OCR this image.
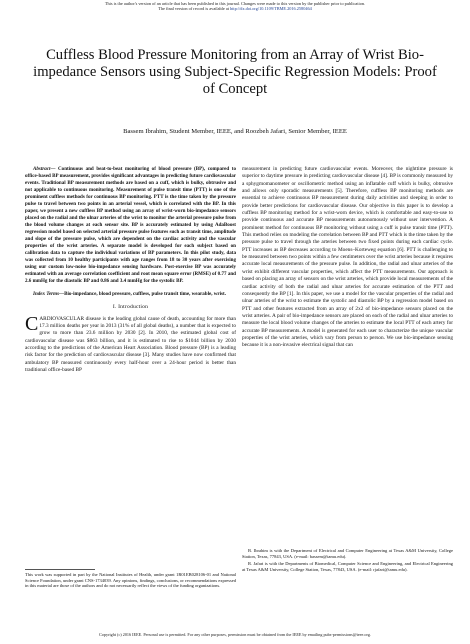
This is the author's version of an article that has been published in this journal. Changes were made to this version by the publisher prior to publication.
The final version of record is available at http://dx.doi.org/10.1109/TBME.2016.2580464
Cuffless Blood Pressure Monitoring from an Array of Wrist Bio-impedance Sensors using Subject-Specific Regression Models: Proof of Concept
Bassem Ibrahim, Student Member, IEEE, and Roozbeh Jafari, Senior Member, IEEE

Abstract— Continuous and beat-to-beat monitoring of blood pressure (BP), compared to office-based BP measurement, provides significant advantages in predicting future cardiovascular events. Traditional BP measurement methods are based on a cuff, which is bulky, obtrusive and not applicable to continuous monitoring. Measurement of pulse transit time (PTT) is one of the prominent cuffless methods for continuous BP monitoring. PTT is the time taken by the pressure pulse to travel between two points in an arterial vessel, which is correlated with the BP. In this paper, we present a new cuffless BP method using an array of wrist-worn bio-impedance sensors placed on the radial and the ulnar arteries of the wrist to monitor the arterial pressure pulse from the blood volume changes at each sensor site. BP is accurately estimated by using AdaBoost regression model based on selected arterial pressure pulse features such as transit time, amplitude and slope of the pressure pulse, which are dependent on the cardiac activity and the vascular properties of the wrist arteries. A separate model is developed for each subject based on calibration data to capture the individual variations of BP parameters. In this pilot study, data was collected from 10 healthy participants with age ranges from 18 to 30 years after exercising using our custom low-noise bio-impedance sensing hardware. Post-exercise BP was accurately estimated with an average correlation coefficient and root mean square error (RMSE) of 0.77 and 2.6 mmHg for the diastolic BP and 0.86 and 3.4 mmHg for the systolic BP.

Index Terms—Bio-impedance, blood pressure, cuffless, pulse transit time, wearable, wrist.

I. Introduction

CARDIOVASCULAR disease is the leading global cause of death, accounting for more than 17.3 million deaths per year in 2013 (31% of all global deaths), a number that is expected to grow to more than 23.6 million by 2030 [2]. In 2010, the estimated global cost of cardiovascular disease was $863 billion, and it is estimated to rise to $1044 billion by 2030 according to the predictions of the American Heart Association. Blood pressure (BP) is a leading risk factor for the prediction of cardiovascular disease [3]. Many studies have now confirmed that ambulatory BP measured continuously every half-hour over a 24-hour period is better than traditional office-based BP

measurement in predicting future cardiovascular events. Moreover, the nighttime pressure is superior to daytime pressure in predicting cardiovascular disease [4]. BP is commonly measured by a sphygmomanometer or oscillometric method using an inflatable cuff which is bulky, obtrusive and allows only sporadic measurements [5]. Therefore, cuffless BP monitoring methods are essential to achieve continuous BP measurement during daily activities and sleeping in order to provide better predictions for cardiovascular disease. Our objective in this paper is to develop a cuffless BP monitoring method for a wrist-worn device, which is comfortable and easy-to-use to provide continuous and accurate BP measurements autonomously without user intervention. A prominent method for continuous BP monitoring without using a cuff is pulse transit time (PTT). This method relies on modeling the correlation between BP and PTT which is the time taken by the pressure pulse to travel through the arteries between two fixed points during each cardiac cycle. PTT increases as BP decreases according to Moens–Korteweg equation [6]. PTT is challenging to be measured between two points within a few centimeters over the wrist arteries because it requires accurate local measurements of the pressure pulse. In addition, the radial and ulnar arteries of the wrist exhibit different vascular properties, which affect the PTT measurements. Our approach is based on placing an array of sensors on the wrist arteries, which provide local measurements of the cardiac activity of both the radial and ulnar arteries for accurate estimation of the PTT and consequently the BP [1]. In this paper, we use a model for the vascular properties of the radial and ulnar arteries of the wrist to estimate the systolic and diastolic BP by a regression model based on PTT and other features extracted from an array of 2x2 of bio-impedance sensors placed on the wrist arteries. A pair of bio-impedance sensors are placed on each of the radial and ulnar arteries to measure the local blood volume changes of the arteries to estimate the local PTT of each artery for accurate BP measurements. A model is generated for each user to characterize the unique vascular properties of the wrist arteries, which vary from person to person. We use bio-impedance sensing because it is a non-invasive electrical signal that can

This work was supported in part by the National Institutes of Health, under grant 1R01EB028106-01 and National Science Foundation, under grant CNS-1734039. Any opinions, findings, conclusions, or recommendations expressed in this material are those of the authors and do not necessarily reflect the views of the funding organizations.

B. Ibrahim is with the Department of Electrical and Computer Engineering at Texas A&M University, College Station, Texas, 77843, USA. (e-mail: bassem@tamu.edu).

R. Jafari is with the Departments of Biomedical, Computer Science and Engineering, and Electrical Engineering at Texas A&M University, College Station, Texas, 77843, USA. (e-mail: rjafari@tamu.edu).

Copyright (c) 2016 IEEE. Personal use is permitted. For any other purposes, permission must be obtained from the IEEE by emailing pubs-permissions@ieee.org.
